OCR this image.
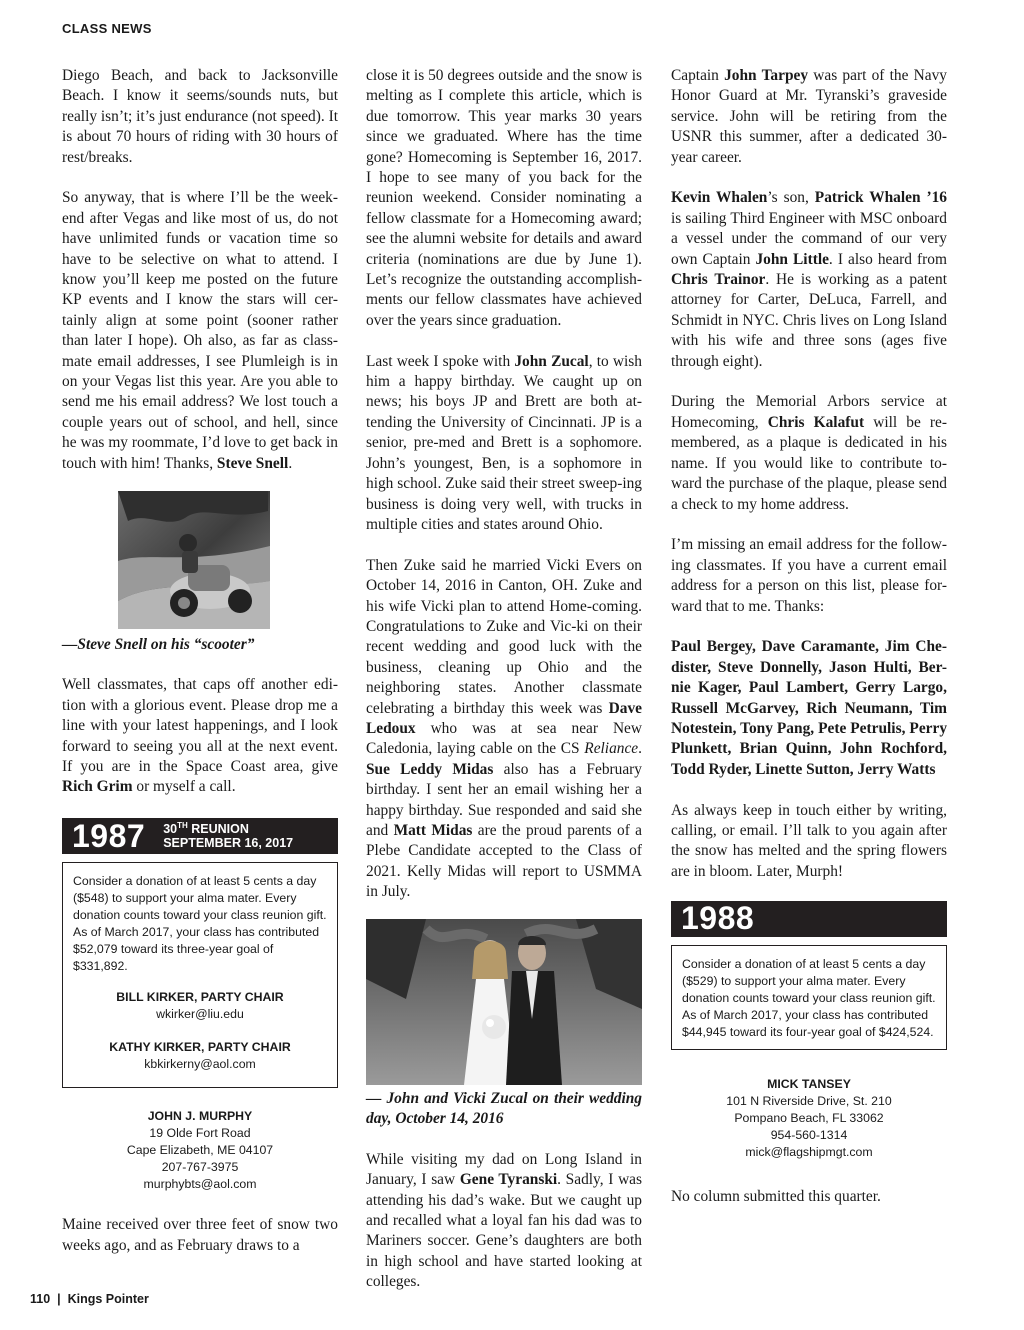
CLASS NEWS

Diego Beach, and back to Jacksonville Beach. I know it seems/sounds nuts, but really isn’t; it’s just endurance (not speed). It is about 70 hours of riding with 30 hours of rest/breaks.

So anyway, that is where I’ll be the week-end after Vegas and like most of us, do not have unlimited funds or vacation time so have to be selective on what to attend. I know you’ll keep me posted on the future KP events and I know the stars will cer-tainly align at some point (sooner rather than later I hope). Oh also, as far as class-mate email addresses, I see Plumleigh is in on your Vegas list this year. Are you able to send me his email address? We lost touch a couple years out of school, and hell, since he was my roommate, I’d love to get back in touch with him! Thanks, Steve Snell.

—Steve Snell on his “scooter”

Well classmates, that caps off another edi-tion with a glorious event. Please drop me a line with your latest happenings, and I look forward to seeing you all at the next event. If you are in the Space Coast area, give Rich Grim or myself a call.

1987 30TH REUNION
SEPTEMBER 16, 2017
Consider a donation of at least 5 cents a day ($548) to support your alma mater. Every donation counts toward your class reunion gift. As of March 2017, your class has contributed $52,079 toward its three-year goal of $331,892.
BILL KIRKER, PARTY CHAIR
wkirker@liu.edu
KATHY KIRKER, PARTY CHAIR
kbkirkerny@aol.com
JOHN J. MURPHY
19 Olde Fort Road
Cape Elizabeth, ME 04107
207-767-3975
murphybts@aol.com

Maine received over three feet of snow two weeks ago, and as February draws to a

close it is 50 degrees outside and the snow is melting as I complete this article, which is due tomorrow. This year marks 30 years since we graduated. Where has the time gone? Homecoming is September 16, 2017. I hope to see many of you back for the reunion weekend. Consider nominating a fellow classmate for a Homecoming award; see the alumni website for details and award criteria (nominations are due by June 1). Let’s recognize the outstanding accomplish-ments our fellow classmates have achieved over the years since graduation.

Last week I spoke with John Zucal, to wish him a happy birthday. We caught up on news; his boys JP and Brett are both at-tending the University of Cincinnati. JP is a senior, pre-med and Brett is a sophomore. John’s youngest, Ben, is a sophomore in high school. Zuke said their street sweep-ing business is doing very well, with trucks in multiple cities and states around Ohio.

Then Zuke said he married Vicki Evers on October 14, 2016 in Canton, OH. Zuke and his wife Vicki plan to attend Home-coming. Congratulations to Zuke and Vic-ki on their recent wedding and good luck with the business, cleaning up Ohio and the neighboring states. Another classmate celebrating a birthday this week was Dave Ledoux who was at sea near New Caledonia, laying cable on the CS Reliance. Sue Leddy Midas also has a February birthday. I sent her an email wishing her a happy birthday. Sue responded and said she and Matt Midas are the proud parents of a Plebe Candidate accepted to the Class of 2021. Kelly Midas will report to USMMA in July.

— John and Vicki Zucal on their wedding day, October 14, 2016

While visiting my dad on Long Island in January, I saw Gene Tyranski. Sadly, I was attending his dad’s wake. But we caught up and recalled what a loyal fan his dad was to Mariners soccer. Gene’s daughters are both in high school and have started looking at colleges.

Captain John Tarpey was part of the Navy Honor Guard at Mr. Tyranski’s graveside service. John will be retiring from the USNR this summer, after a dedicated 30-year career.

Kevin Whalen’s son, Patrick Whalen ’16 is sailing Third Engineer with MSC onboard a vessel under the command of our very own Captain John Little. I also heard from Chris Trainor. He is working as a patent attorney for Carter, DeLuca, Farrell, and Schmidt in NYC. Chris lives on Long Island with his wife and three sons (ages five through eight).

During the Memorial Arbors service at Homecoming, Chris Kalafut will be re-membered, as a plaque is dedicated in his name. If you would like to contribute to-ward the purchase of the plaque, please send a check to my home address.

I’m missing an email address for the follow-ing classmates. If you have a current email address for a person on this list, please for-ward that to me. Thanks:

Paul Bergey, Dave Caramante, Jim Che-dister, Steve Donnelly, Jason Hulti, Ber-nie Kager, Paul Lambert, Gerry Largo, Russell McGarvey, Rich Neumann, Tim Notestein, Tony Pang, Pete Petrulis, Perry Plunkett, Brian Quinn, John Rochford, Todd Ryder, Linette Sutton, Jerry Watts

As always keep in touch either by writing, calling, or email. I’ll talk to you again after the snow has melted and the spring flowers are in bloom. Later, Murph!

1988
Consider a donation of at least 5 cents a day ($529) to support your alma mater. Every donation counts toward your class reunion gift. As of March 2017, your class has contributed $44,945 toward its four-year goal of $424,524.
MICK TANSEY
101 N Riverside Drive, St. 210
Pompano Beach, FL 33062
954-560-1314
mick@flagshipmgt.com

No column submitted this quarter.

110 | Kings Pointer
